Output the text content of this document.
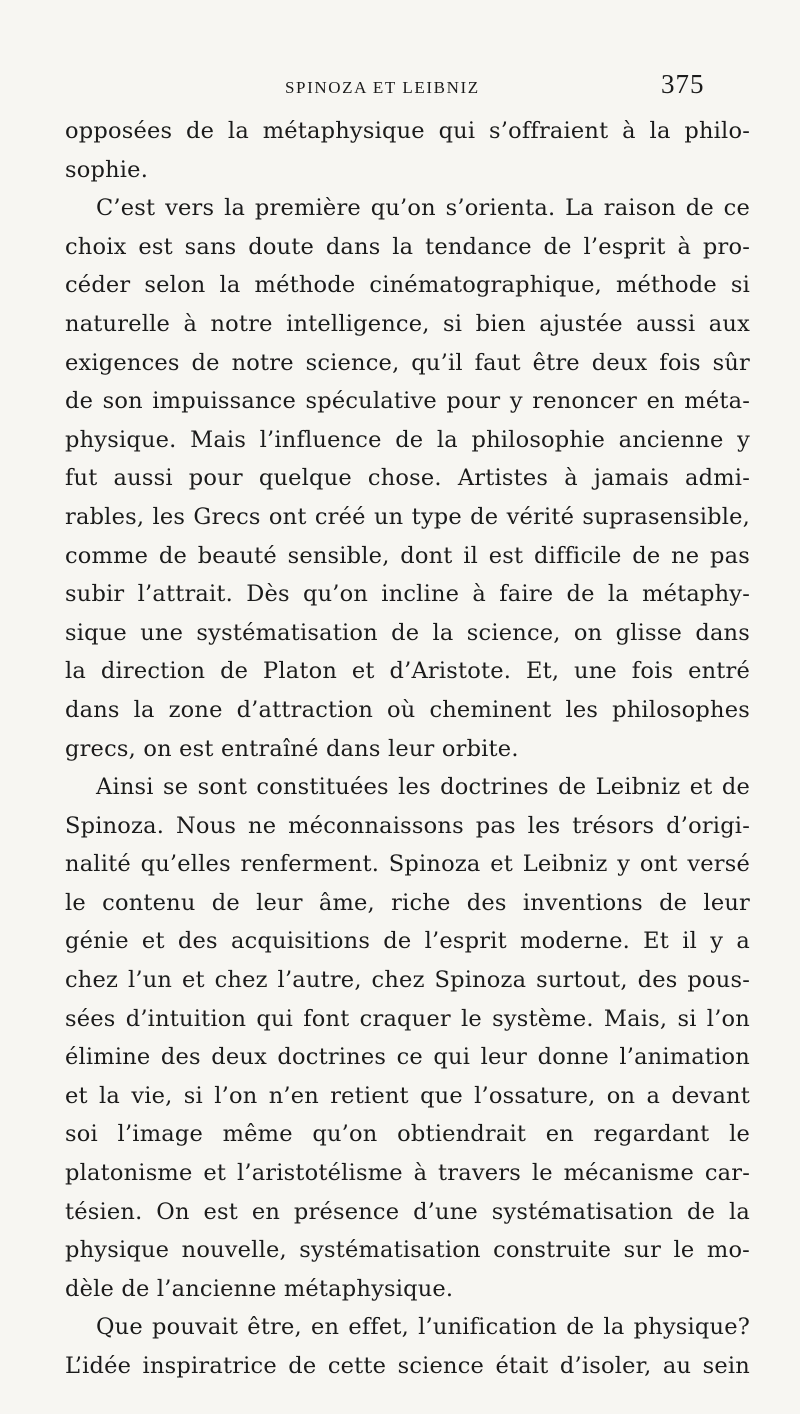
SPINOZA ET LEIBNIZ	375
opposées de la métaphysique qui s’offraient à la philo-
sophie.
C’est vers la première qu’on s’orienta. La raison de ce
choix est sans doute dans la tendance de l’esprit à pro-
céder selon la méthode cinématographique, méthode si
naturelle à notre intelligence, si bien ajustée aussi aux
exigences de notre science, qu’il faut être deux fois sûr
de son impuissance spéculative pour y renoncer en méta-
physique. Mais l’influence de la philosophie ancienne y
fut aussi pour quelque chose. Artistes à jamais admi-
rables, les Grecs ont créé un type de vérité suprasensible,
comme de beauté sensible, dont il est difficile de ne pas
subir l’attrait. Dès qu’on incline à faire de la métaphy-
sique une systématisation de la science, on glisse dans
la direction de Platon et d’Aristote. Et, une fois entré
dans la zone d’attraction où cheminent les philosophes
grecs, on est entraîné dans leur orbite.
Ainsi se sont constituées les doctrines de Leibniz et de
Spinoza. Nous ne méconnaissons pas les trésors d’origi-
nalité qu’elles renferment. Spinoza et Leibniz y ont versé
le contenu de leur âme, riche des inventions de leur
génie et des acquisitions de l’esprit moderne. Et il y a
chez l’un et chez l’autre, chez Spinoza surtout, des pous-
sées d’intuition qui font craquer le système. Mais, si l’on
élimine des deux doctrines ce qui leur donne l’animation
et la vie, si l’on n’en retient que l’ossature, on a devant
soi l’image même qu’on obtiendrait en regardant le
platonisme et l’aristotélisme à travers le mécanisme car-
tésien. On est en présence d’une systématisation de la
physique nouvelle, systématisation construite sur le mo-
dèle de l’ancienne métaphysique.
Que pouvait être, en effet, l’unification de la physique?
L’idée inspiratrice de cette science était d’isoler, au sein
